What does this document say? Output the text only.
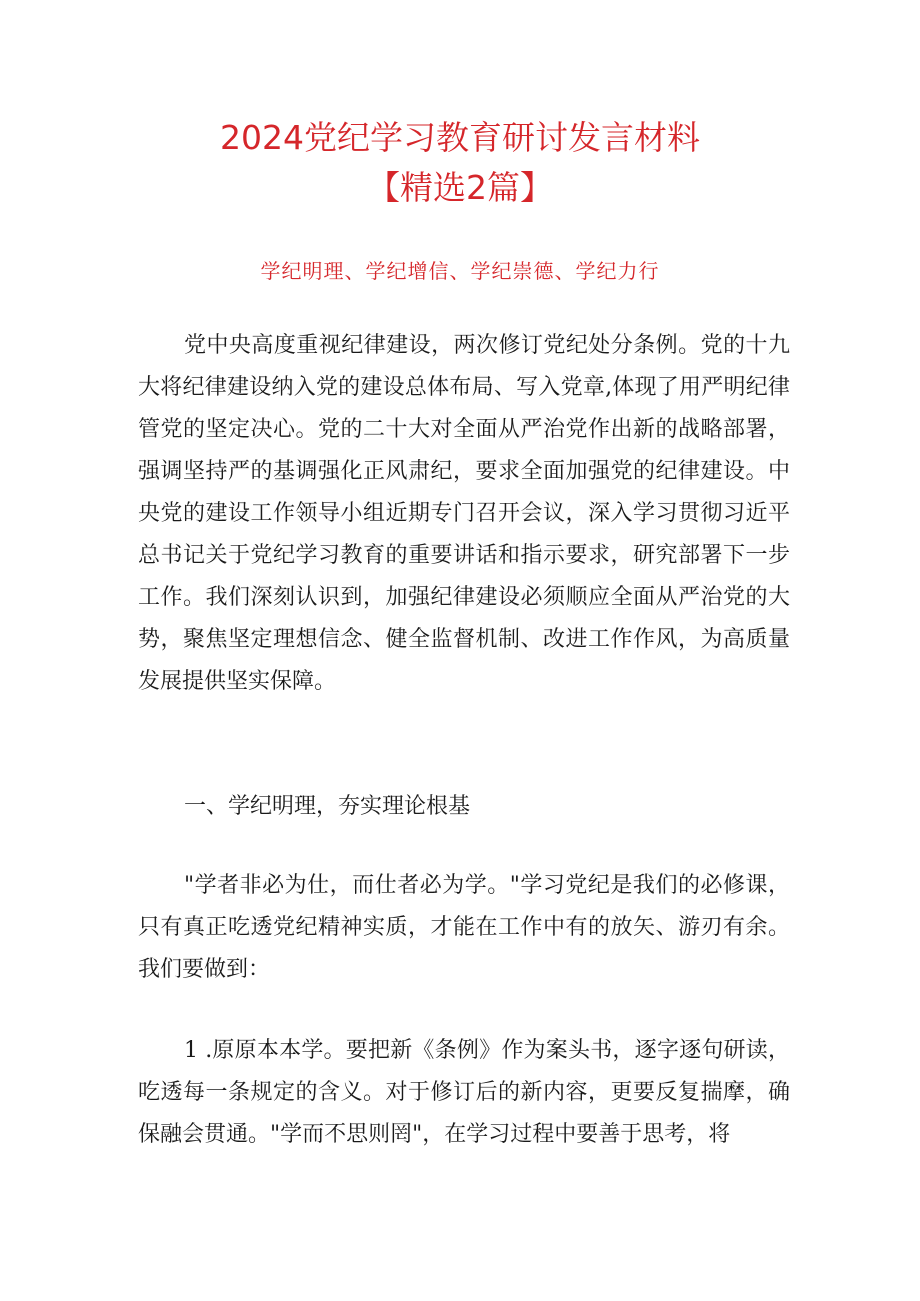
2024党纪学习教育研讨发言材料
【精选2篇】
学纪明理、学纪增信、学纪崇德、学纪力行

党中央高度重视纪律建设，两次修订党纪处分条例。党的十九大将纪律建设纳入党的建设总体布局、写入党章,体现了用严明纪律管党的坚定决心。党的二十大对全面从严治党作出新的战略部署，强调坚持严的基调强化正风肃纪，要求全面加强党的纪律建设。中央党的建设工作领导小组近期专门召开会议，深入学习贯彻习近平总书记关于党纪学习教育的重要讲话和指示要求，研究部署下一步工作。我们深刻认识到，加强纪律建设必须顺应全面从严治党的大势，聚焦坚定理想信念、健全监督机制、改进工作作风，为高质量发展提供坚实保障。

一、学纪明理，夯实理论根基

"学者非必为仕，而仕者必为学。"学习党纪是我们的必修课，只有真正吃透党纪精神实质，才能在工作中有的放矢、游刃有余。我们要做到：

1 .原原本本学。要把新《条例》作为案头书，逐字逐句研读，吃透每一条规定的含义。对于修订后的新内容，更要反复揣摩，确保融会贯通。"学而不思则罔"，在学习过程中要善于思考，将
